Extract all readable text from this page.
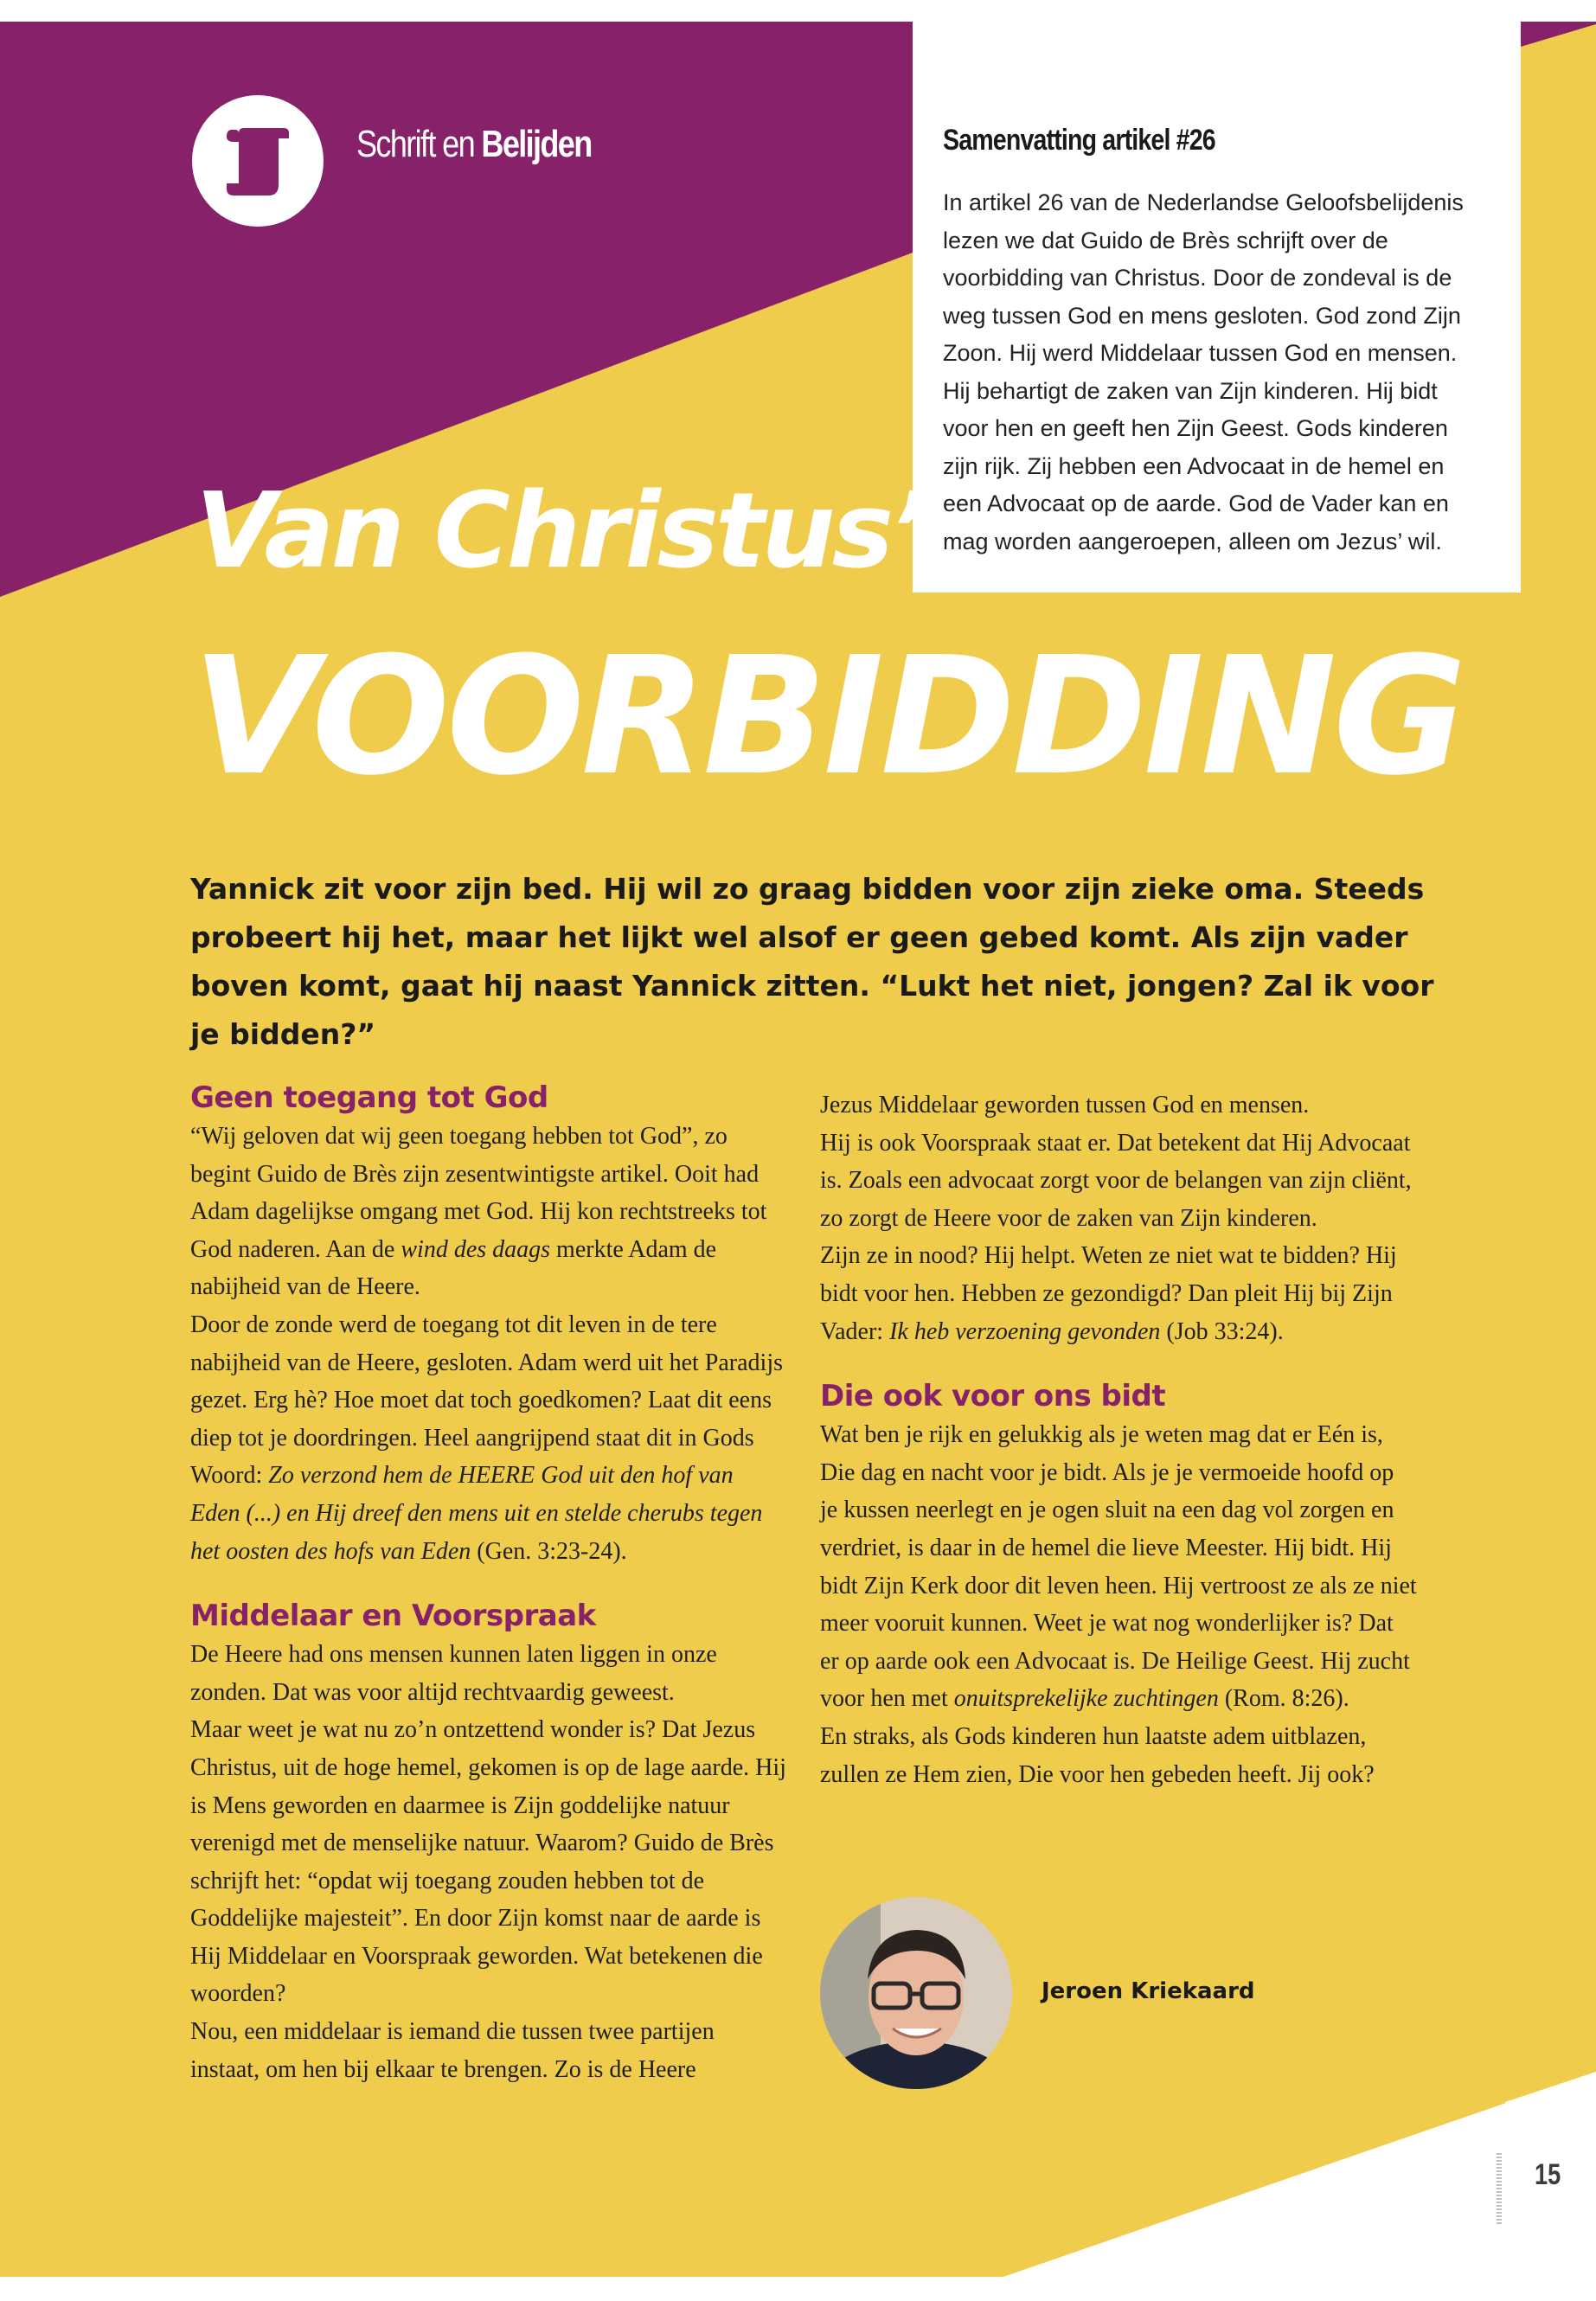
Schrift en Belijden	Samenvatting artikel #26

In artikel 26 van de Nederlandse Geloofsbelijdenis lezen we dat Guido de Brès schrijft over de voorbidding van Christus. Door de zondeval is de weg tussen God en mens gesloten. God zond Zijn Zoon. Hij werd Middelaar tussen God en mensen. Hij behartigt de zaken van Zijn kinderen. Hij bidt voor hen en geeft hen Zijn Geest. Gods kinderen zijn rijk. Zij hebben een Advocaat in de hemel en een Advocaat op de aarde. God de Vader kan en mag worden aangeroepen, alleen om Jezus’ wil.

Van Christus’
VOORBIDDING

Yannick zit voor zijn bed. Hij wil zo graag bidden voor zijn zieke oma. Steeds probeert hij het, maar het lijkt wel alsof er geen gebed komt. Als zijn vader boven komt, gaat hij naast Yannick zitten. “Lukt het niet, jongen? Zal ik voor je bidden?”

Geen toegang tot God

“Wij geloven dat wij geen toegang hebben tot God”, zo begint Guido de Brès zijn zesentwintigste artikel. Ooit had Adam dagelijkse omgang met God. Hij kon rechtstreeks tot God naderen. Aan de wind des daags merkte Adam de nabijheid van de Heere.

Door de zonde werd de toegang tot dit leven in de tere nabijheid van de Heere, gesloten. Adam werd uit het Paradijs gezet. Erg hè? Hoe moet dat toch goedkomen? Laat dit eens diep tot je doordringen. Heel aangrijpend staat dit in Gods Woord: Zo verzond hem de HEERE God uit den hof van Eden (...) en Hij dreef den mens uit en stelde cherubs tegen het oosten des hofs van Eden (Gen. 3:23-24).

Middelaar en Voorspraak

De Heere had ons mensen kunnen laten liggen in onze zonden. Dat was voor altijd rechtvaardig geweest.

Maar weet je wat nu zo’n ontzettend wonder is? Dat Jezus Christus, uit de hoge hemel, gekomen is op de lage aarde. Hij is Mens geworden en daarmee is Zijn goddelijke natuur verenigd met de menselijke natuur. Waarom? Guido de Brès schrijft het: “opdat wij toegang zouden hebben tot de Goddelijke majesteit”. En door Zijn komst naar de aarde is Hij Middelaar en Voorspraak geworden. Wat betekenen die woorden?

Nou, een middelaar is iemand die tussen twee partijen instaat, om hen bij elkaar te brengen. Zo is de Heere

Jezus Middelaar geworden tussen God en mensen.

Hij is ook Voorspraak staat er. Dat betekent dat Hij Advocaat is. Zoals een advocaat zorgt voor de belangen van zijn cliënt, zo zorgt de Heere voor de zaken van Zijn kinderen.

Zijn ze in nood? Hij helpt. Weten ze niet wat te bidden? Hij bidt voor hen. Hebben ze gezondigd? Dan pleit Hij bij Zijn Vader: Ik heb verzoening gevonden (Job 33:24).

Die ook voor ons bidt

Wat ben je rijk en gelukkig als je weten mag dat er Eén is, Die dag en nacht voor je bidt. Als je je vermoeide hoofd op je kussen neerlegt en je ogen sluit na een dag vol zorgen en verdriet, is daar in de hemel die lieve Meester. Hij bidt. Hij bidt Zijn Kerk door dit leven heen. Hij vertroost ze als ze niet meer vooruit kunnen. Weet je wat nog wonderlijker is? Dat er op aarde ook een Advocaat is. De Heilige Geest. Hij zucht voor hen met onuitsprekelijke zuchtingen (Rom. 8:26).

En straks, als Gods kinderen hun laatste adem uitblazen, zullen ze Hem zien, Die voor hen gebeden heeft. Jij ook?

Jeroen Kriekaard
15
